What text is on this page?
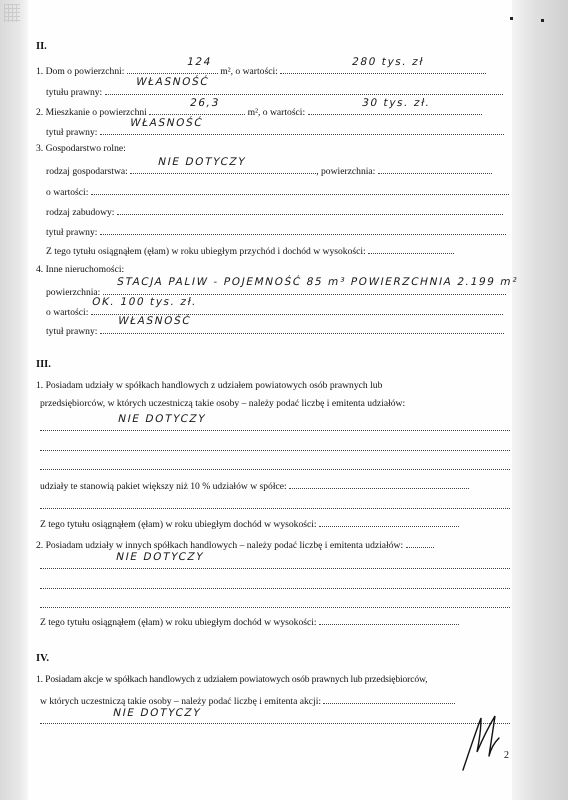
II.
1. Dom o powierzchni:	m², o wartości:
124	280 tys. zł
tytułu prawny:
WŁASNOŚĆ
2. Mieszkanie o powierzchni	m², o wartości:
26,3	30 tys. zł.
tytuł prawny:
WŁASNOŚĆ
3. Gospodarstwo rolne:
rodzaj gospodarstwa:	, powierzchnia:
NIE DOTYCZY
o wartości:
rodzaj zabudowy:
tytuł prawny:
Z tego tytułu osiągnąłem (ęłam) w roku ubiegłym przychód i dochód w wysokości:
4. Inne nieruchomości:
powierzchnia:
STACJA PALIW - POJEMNOŚĆ 85 m³ POWIERZCHNIA 2.199 m²
o wartości:
OK. 100 tys. zł.
tytuł prawny:
WŁASNOŚĆ
III.
1. Posiadam udziały w spółkach handlowych z udziałem powiatowych osób prawnych lub
przedsiębiorców, w których uczestniczą takie osoby – należy podać liczbę i emitenta udziałów:
NIE DOTYCZY
udziały te stanowią pakiet większy niż 10 % udziałów w spółce:
Z tego tytułu osiągnąłem (ęłam) w roku ubiegłym dochód w wysokości:
2. Posiadam udziały w innych spółkach handlowych – należy podać liczbę i emitenta udziałów:
NIE DOTYCZY
Z tego tytułu osiągnąłem (ęłam) w roku ubiegłym dochód w wysokości:
IV.
1. Posiadam akcje w spółkach handlowych z udziałem powiatowych osób prawnych lub przedsiębiorców,
w których uczestniczą takie osoby – należy podać liczbę i emitenta akcji:
NIE DOTYCZY
2
